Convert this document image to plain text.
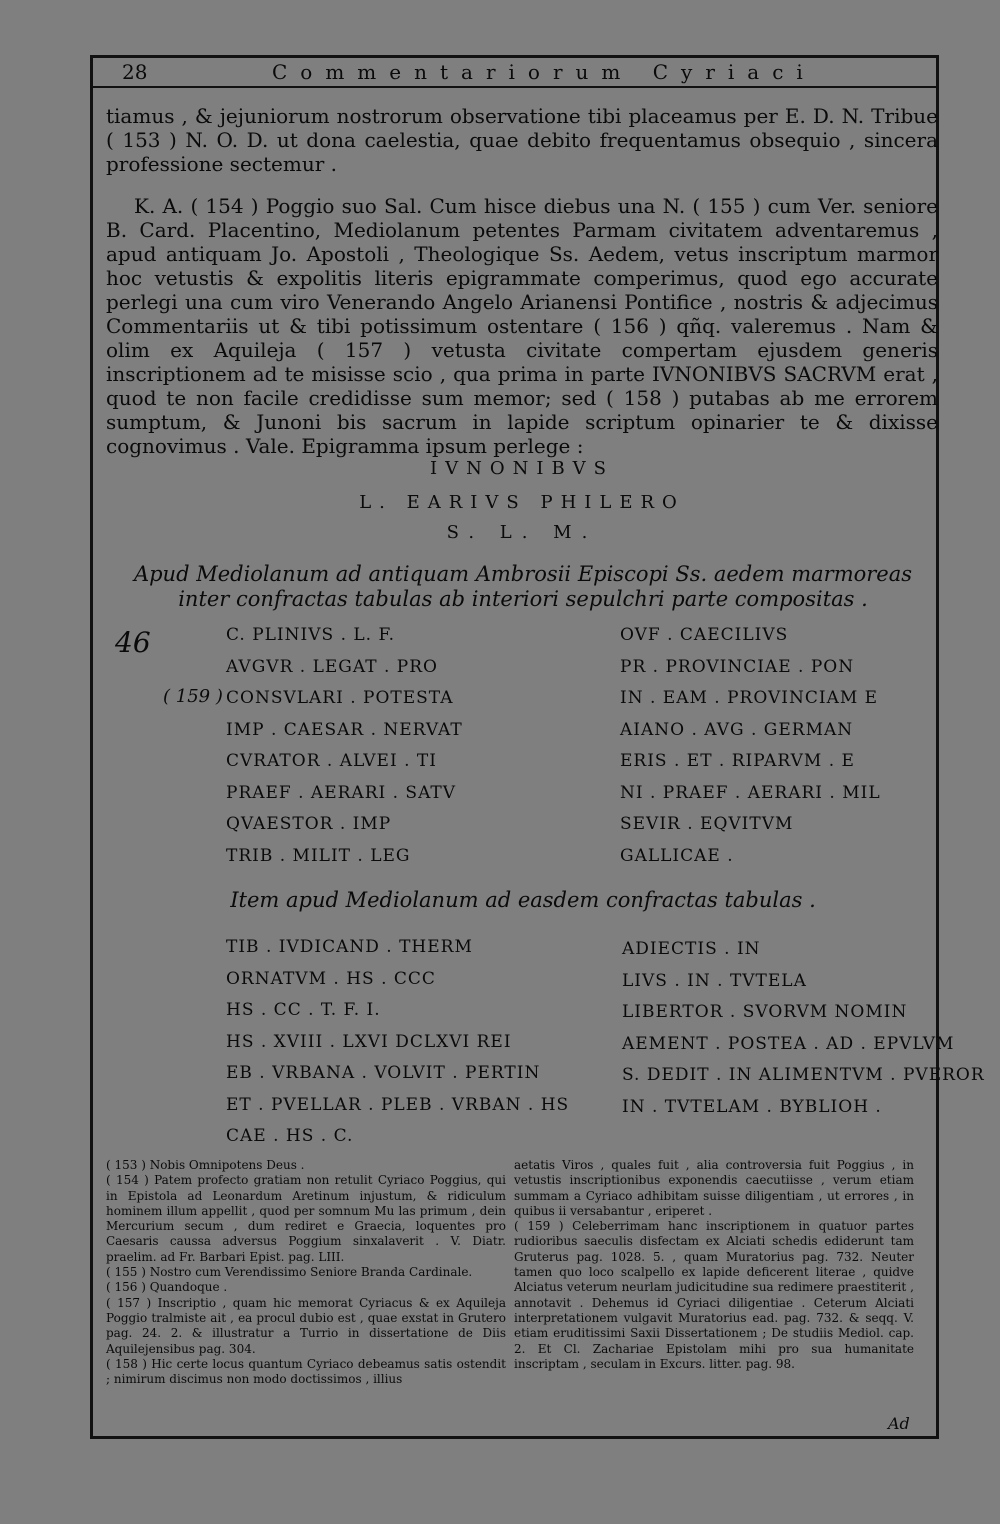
28	Commentariorum Cyriaci

tiamus , & jejuniorum nostrorum observatione tibi placeamus per E. D. N. Tribue ( 153 ) N. O. D. ut dona caelestia, quae debito frequentamus obsequio , sincera professione sectemur .

K. A. ( 154 ) Poggio suo Sal. Cum hisce diebus una N. ( 155 ) cum Ver. seniore B. Card. Placentino, Mediolanum petentes Parmam civitatem adventaremus , apud antiquam Jo. Apostoli , Theologique Ss. Aedem, vetus inscriptum marmor hoc vetustis & expolitis literis epigrammate comperimus, quod ego accurate perlegi una cum viro Venerando Angelo Arianensi Pontifice , nostris & adjecimus Commentariis ut & tibi potissimum ostentare ( 156 ) qñq. valeremus . Nam & olim ex Aquileja ( 157 ) vetusta civitate compertam ejusdem generis inscriptionem ad te misisse scio , qua prima in parte IVNONIBVS SACRVM erat , quod te non facile credidisse sum memor; sed ( 158 ) putabas ab me errorem sumptum, & Junoni bis sacrum in lapide scriptum opinarier te & dixisse cognovimus . Vale. Epigramma ipsum perlege :

IVNONIBVS
L. EARIVS PHILERO
S. L. M.
Apud Mediolanum ad antiquam Ambrosii Episcopi Ss. aedem marmoreas inter confractas tabulas ab interiori sepulchri parte compositas .
46
( 159 )
C. PLINIVS . L. F.
AVGVR . LEGAT . PRO
CONSVLARI . POTESTA
IMP . CAESAR . NERVAT
CVRATOR . ALVEI . TI
PRAEF . AERARI . SATV
QVAESTOR . IMP
TRIB . MILIT . LEG
OVF . CAECILIVS
PR . PROVINCIAE . PON
IN . EAM . PROVINCIAM E
AIANO . AVG . GERMAN
ERIS . ET . RIPARVM . E
NI . PRAEF . AERARI . MIL
SEVIR . EQVITVM
GALLICAE .
Item apud Mediolanum ad easdem confractas tabulas .
TIB . IVDICAND . THERM
ORNATVM . HS . CCC
HS . CC . T. F. I.
HS . XVIII . LXVI DCLXVI REI
EB . VRBANA . VOLVIT . PERTIN
ET . PVELLAR . PLEB . VRBAN . HS
CAE . HS . C.
ADIECTIS . IN
LIVS . IN . TVTELA
LIBERTOR . SVORVM NOMIN
AEMENT . POSTEA . AD . EPVLVM
S. DEDIT . IN ALIMENTVM . PVEROR
IN . TVTELAM . BYBLIOH .

( 153 ) Nobis Omnipotens Deus .

( 154 ) Patem profecto gratiam non retulit Cyriaco Poggius, qui in Epistola ad Leonardum Aretinum injustum, & ridiculum hominem illum appellit , quod per somnum Mu las primum , dein Mercurium secum , dum rediret e Graecia, loquentes pro Caesaris caussa adversus Poggium sinxalaverit . V. Diatr. praelim. ad Fr. Barbari Epist. pag. LIII.

( 155 ) Nostro cum Verendissimo Seniore Branda Cardinale.

( 156 ) Quandoque .

( 157 ) Inscriptio , quam hic memorat Cyriacus & ex Aquileja Poggio tralmiste ait , ea procul dubio est , quae exstat in Grutero pag. 24. 2. & illustratur a Turrio in dissertatione de Diis Aquilejensibus pag. 304.

( 158 ) Hic certe locus quantum Cyriaco debeamus satis ostendit ; nimirum discimus non modo doctissimos , illius

aetatis Viros , quales fuit , alia controversia fuit Poggius , in vetustis inscriptionibus exponendis caecutiisse , verum etiam summam a Cyriaco adhibitam suisse diligentiam , ut errores , in quibus ii versabantur , eriperet .

( 159 ) Celeberrimam hanc inscriptionem in quatuor partes rudioribus saeculis disfectam ex Alciati schedis ediderunt tam Gruterus pag. 1028. 5. , quam Muratorius pag. 732. Neuter tamen quo loco scalpello ex lapide deficerent literae , quidve Alciatus veterum neurlam judicitudine sua redimere praestiterit , annotavit . Dehemus id Cyriaci diligentiae . Ceterum Alciati interpretationem vulgavit Muratorius ead. pag. 732. & seqq. V. etiam eruditissimi Saxii Dissertationem ; De studiis Mediol. cap. 2. Et Cl. Zachariae Epistolam mihi pro sua humanitate inscriptam , seculam in Excurs. litter. pag. 98.

Ad
